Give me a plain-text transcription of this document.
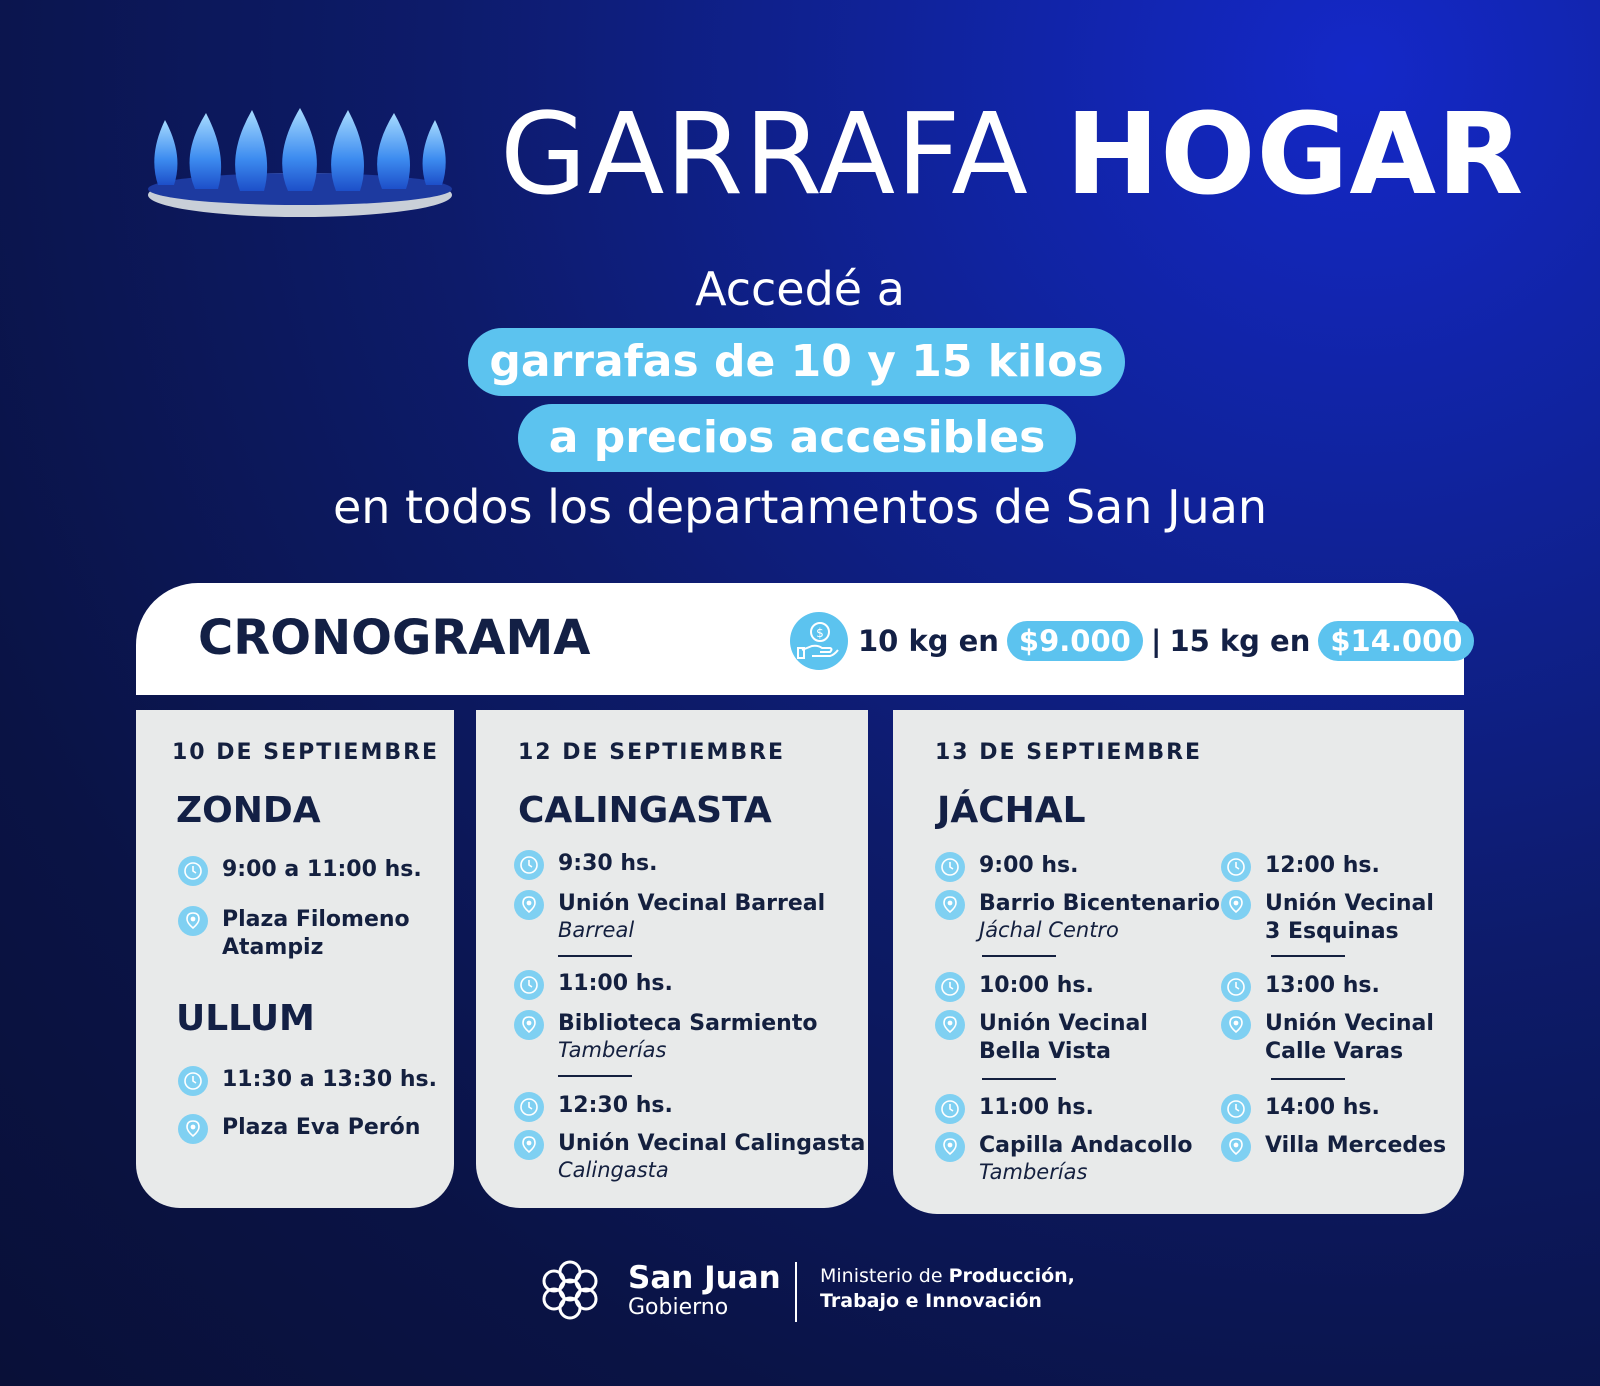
GARRAFA HOGAR
Accedé a
garrafas de 10 y 15 kilos
a precios accesibles
en todos los departamentos de San Juan
CRONOGRAMA	$ 10 kg en $9.000 | 15 kg en $14.000
10 DE SEPTIEMBRE
ZONDA
9:00 a 11:00 hs.
Plaza Filomeno
Atampiz
ULLUM
11:30 a 13:30 hs.
Plaza Eva Perón
12 DE SEPTIEMBRE
CALINGASTA
9:30 hs.
Unión Vecinal Barreal
Barreal
11:00 hs.
Biblioteca Sarmiento
Tamberías
12:30 hs.
Unión Vecinal Calingasta
Calingasta
13 DE SEPTIEMBRE
JÁCHAL
9:00 hs.
Barrio Bicentenario
Jáchal Centro
10:00 hs.
Unión Vecinal
Bella Vista
11:00 hs.
Capilla Andacollo
Tamberías
12:00 hs.
Unión Vecinal
3 Esquinas
13:00 hs.
Unión Vecinal
Calle Varas
14:00 hs.
Villa Mercedes
San Juan
Gobierno
Ministerio de Producción,
Trabajo e Innovación
